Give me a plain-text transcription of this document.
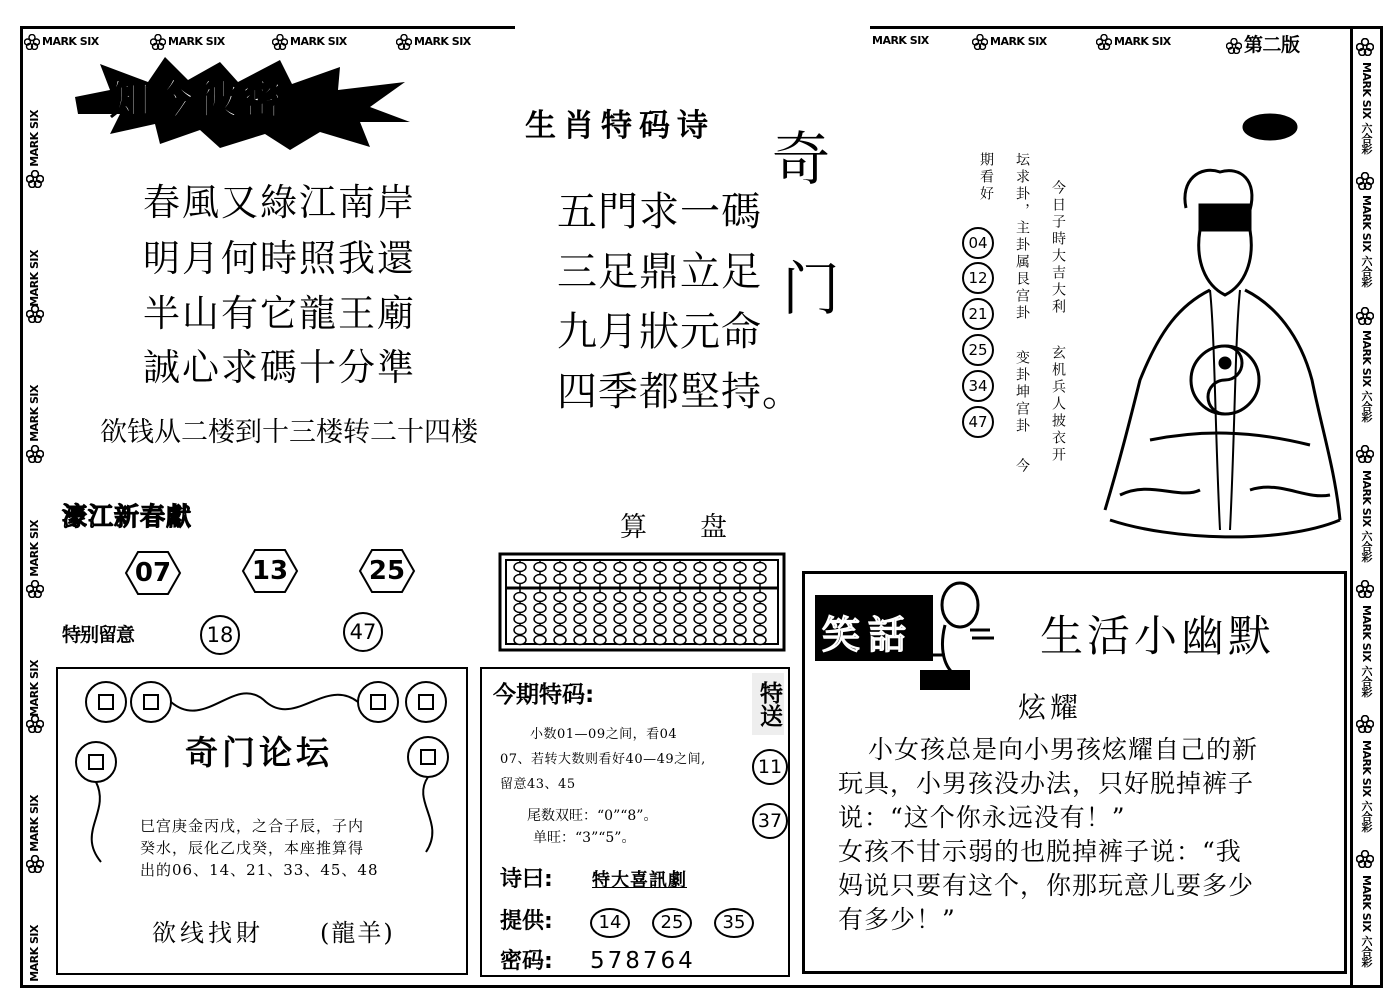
MARK SIX	MARK SIX	MARK SIX	MARK SIX	MARK SIX	MARK SIX	MARK SIX	第二版
MARK SIX
MARK SIX
MARK SIX
MARK SIX
MARK SIX
MARK SIX
MARK SIX
MARK SIX 六合彩
MARK SIX 六合彩
MARK SIX 六合彩
MARK SIX 六合彩
MARK SIX 六合彩
MARK SIX 六合彩
MARK SIX 六合彩
知今彼密
春風又綠江南岸
明月何時照我還
半山有它龍王廟
誠心求碼十分準
欲钱从二楼到十三楼转二十四楼
濠江新春獻
07	13	25
特别留意	18	47
奇门论坛
巳宫庚金丙戊，之合子辰，子内
癸水，辰化乙戊癸，本座推算得
出的06、14、21、33、45、48
欲线找財 (龍羊)
生肖特码诗
五門求一碼
三足鼎立足
九月狀元命
四季都堅持。
奇
门
算 盘
今期特码:	特送
小数01—09之间，看04
07、若转大数则看好40—49之间,
留意43、45
尾数双旺：“0”“8”。
单旺：“3”“5”。
11
37
诗曰: 特大喜訊劇
提供:	14	25	35
密码: 578764
今日子時大吉大利
玄机兵人披衣开
坛求卦，主卦属艮宫卦
变卦坤宫卦
今
期看好
04
12
21
25
34
47
笑話	生活小幽默
炫耀
小女孩总是向小男孩炫耀自己的新
玩具，小男孩没办法，只好脱掉裤子
说：“这个你永远没有！”
女孩不甘示弱的也脱掉裤子说：“我
妈说只要有这个，你那玩意儿要多少
有多少！”
